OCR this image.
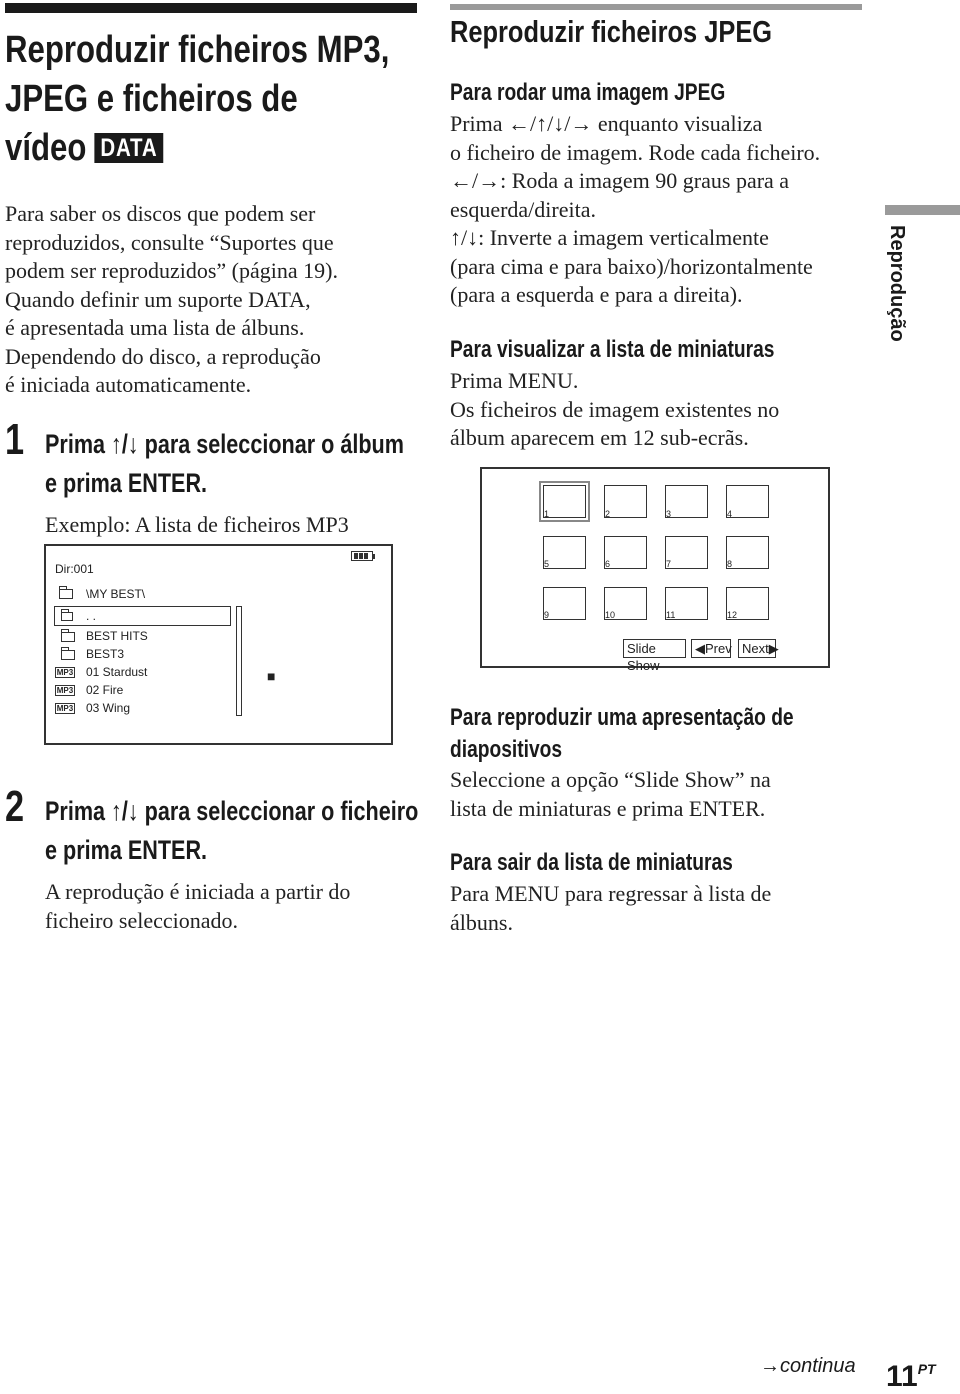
Reproduzir ficheiros MP3,
JPEG e ficheiros de
vídeo DATA
Para saber os discos que podem ser
reproduzidos, consulte “Suportes que
podem ser reproduzidos” (página 19).
Quando definir um suporte DATA,
é apresentada uma lista de álbuns.
Dependendo do disco, a reprodução
é iniciada automaticamente.
1 Prima ↑/↓ para seleccionar o álbum
e prima ENTER.
Exemplo: A lista de ficheiros MP3
Dir:001
\MY BEST\
. .
BEST HITS
BEST3
MP3 01 Stardust
MP3 02 Fire
MP3 03 Wing
■
2 Prima ↑/↓ para seleccionar o ficheiro
e prima ENTER.
A reprodução é iniciada a partir do
ficheiro seleccionado.
Reproduzir ficheiros JPEG
Para rodar uma imagem JPEG
Prima ←/↑/↓/→ enquanto visualiza
o ficheiro de imagem. Rode cada ficheiro.
←/→: Roda a imagem 90 graus para a
esquerda/direita.
↑/↓: Inverte a imagem verticalmente
(para cima e para baixo)/horizontalmente
(para a esquerda e para a direita).
Para visualizar a lista de miniaturas
Prima MENU.
Os ficheiros de imagem existentes no
álbum aparecem em 12 sub-ecrãs.
1	2	3	4
5	6	7	8
9	10	11	12
Slide Show
◀Prev Next▶
Para reproduzir uma apresentação de
diapositivos
Seleccione a opção “Slide Show” na
lista de miniaturas e prima ENTER.
Para sair da lista de miniaturas
Para MENU para regressar à lista de
álbuns.
Reprodução
→continua $11^{PT}$
